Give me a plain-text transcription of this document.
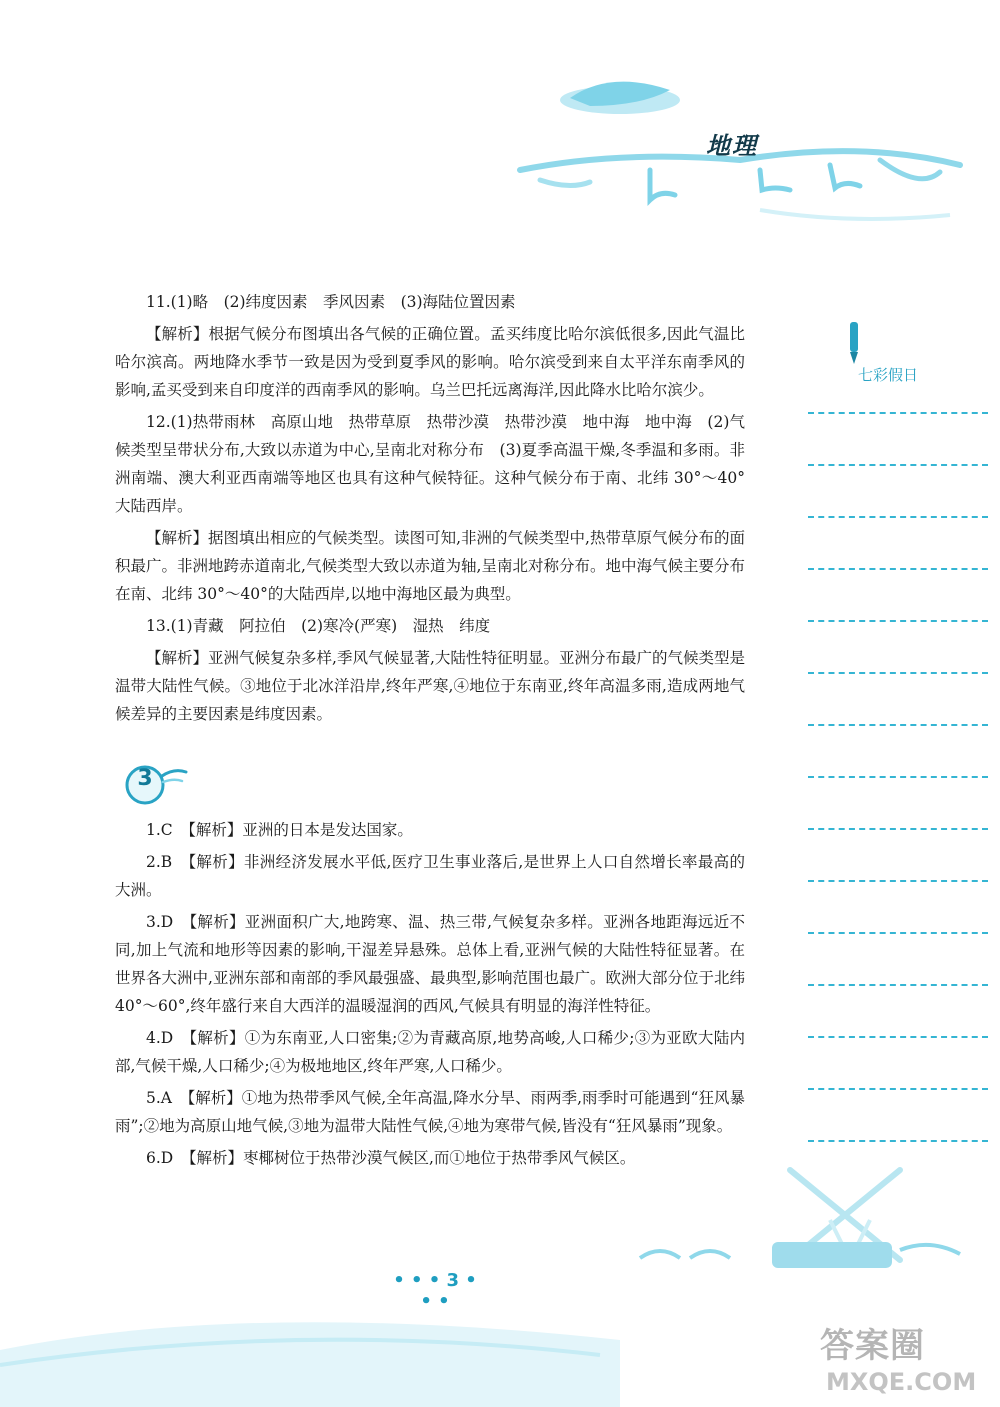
地理
七彩假日

11.(1)略　(2)纬度因素　季风因素　(3)海陆位置因素

【解析】根据气候分布图填出各气候的正确位置。孟买纬度比哈尔滨低很多,因此气温比哈尔滨高。两地降水季节一致是因为受到夏季风的影响。哈尔滨受到来自太平洋东南季风的影响,孟买受到来自印度洋的西南季风的影响。乌兰巴托远离海洋,因此降水比哈尔滨少。

12.(1)热带雨林　高原山地　热带草原　热带沙漠　热带沙漠　地中海　地中海　(2)气候类型呈带状分布,大致以赤道为中心,呈南北对称分布　(3)夏季高温干燥,冬季温和多雨。非洲南端、澳大利亚西南端等地区也具有这种气候特征。这种气候分布于南、北纬 30°～40°大陆西岸。

【解析】据图填出相应的气候类型。读图可知,非洲的气候类型中,热带草原气候分布的面积最广。非洲地跨赤道南北,气候类型大致以赤道为轴,呈南北对称分布。地中海气候主要分布在南、北纬 30°～40°的大陆西岸,以地中海地区最为典型。

13.(1)青藏　阿拉伯　(2)寒冷(严寒)　湿热　纬度

【解析】亚洲气候复杂多样,季风气候显著,大陆性特征明显。亚洲分布最广的气候类型是温带大陆性气候。③地位于北冰洋沿岸,终年严寒,④地位于东南亚,终年高温多雨,造成两地气候差异的主要因素是纬度因素。

3

1.C　【解析】亚洲的日本是发达国家。

2.B　【解析】非洲经济发展水平低,医疗卫生事业落后,是世界上人口自然增长率最高的大洲。

3.D　【解析】亚洲面积广大,地跨寒、温、热三带,气候复杂多样。亚洲各地距海远近不同,加上气流和地形等因素的影响,干湿差异悬殊。总体上看,亚洲气候的大陆性特征显著。在世界各大洲中,亚洲东部和南部的季风最强盛、最典型,影响范围也最广。欧洲大部分位于北纬 40°～60°,终年盛行来自大西洋的温暖湿润的西风,气候具有明显的海洋性特征。

4.D　【解析】①为东南亚,人口密集;②为青藏高原,地势高峻,人口稀少;③为亚欧大陆内部,气候干燥,人口稀少;④为极地地区,终年严寒,人口稀少。

5.A　【解析】①地为热带季风气候,全年高温,降水分旱、雨两季,雨季时可能遇到“狂风暴雨”;②地为高原山地气候,③地为温带大陆性气候,④地为寒带气候,皆没有“狂风暴雨”现象。

6.D　【解析】枣椰树位于热带沙漠气候区,而①地位于热带季风气候区。

• • • 3 • • •
答案圈
MXQE.COM
